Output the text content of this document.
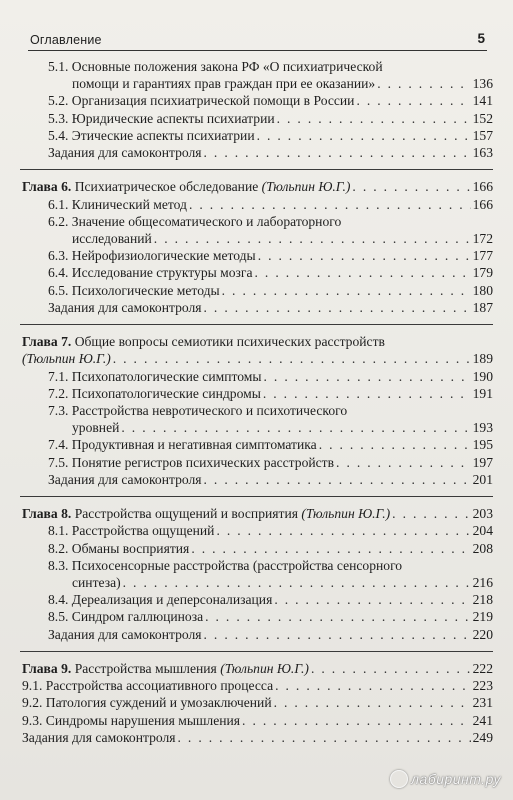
Оглавление	5
5.1. Основные положения закона РФ «О психиатрической
помощи и гарантиях прав граждан при ее оказании» . . .	136
5.2. Организация психиатрической помощи в России . . .	141
5.3. Юридические аспекты психиатрии . . .	152
5.4. Этические аспекты психиатрии . . .	157
Задания для самоконтроля . . .	163
Глава 6. Психиатрическое обследование (Тюльпин Ю.Г.) . . .	166
6.1. Клинический метод . . .	166
6.2. Значение общесоматического и лабораторного
исследований . . .	172
6.3. Нейрофизиологические методы . . .	177
6.4. Исследование структуры мозга . . .	179
6.5. Психологические методы . . .	180
Задания для самоконтроля . . .	187
Глава 7. Общие вопросы семиотики психических расстройств
(Тюльпин Ю.Г.) . . .	189
7.1. Психопатологические симптомы . . .	190
7.2. Психопатологические синдромы . . .	191
7.3. Расстройства невротического и психотического
уровней . . .	193
7.4. Продуктивная и негативная симптоматика . . .	195
7.5. Понятие регистров психических расстройств . . .	197
Задания для самоконтроля . . .	201
Глава 8. Расстройства ощущений и восприятия (Тюльпин Ю.Г.) . . .	203
8.1. Расстройства ощущений . . .	204
8.2. Обманы восприятия . . .	208
8.3. Психосенсорные расстройства (расстройства сенсорного
синтеза) . . .	216
8.4. Дереализация и деперсонализация . . .	218
8.5. Синдром галлюциноза . . .	219
Задания для самоконтроля . . .	220
Глава 9. Расстройства мышления (Тюльпин Ю.Г.) . . .	222
9.1. Расстройства ассоциативного процесса . . .	223
9.2. Патология суждений и умозаключений . . .	231
9.3. Синдромы нарушения мышления . . .	241
Задания для самоконтроля . . .	249
лабиринт.ру
